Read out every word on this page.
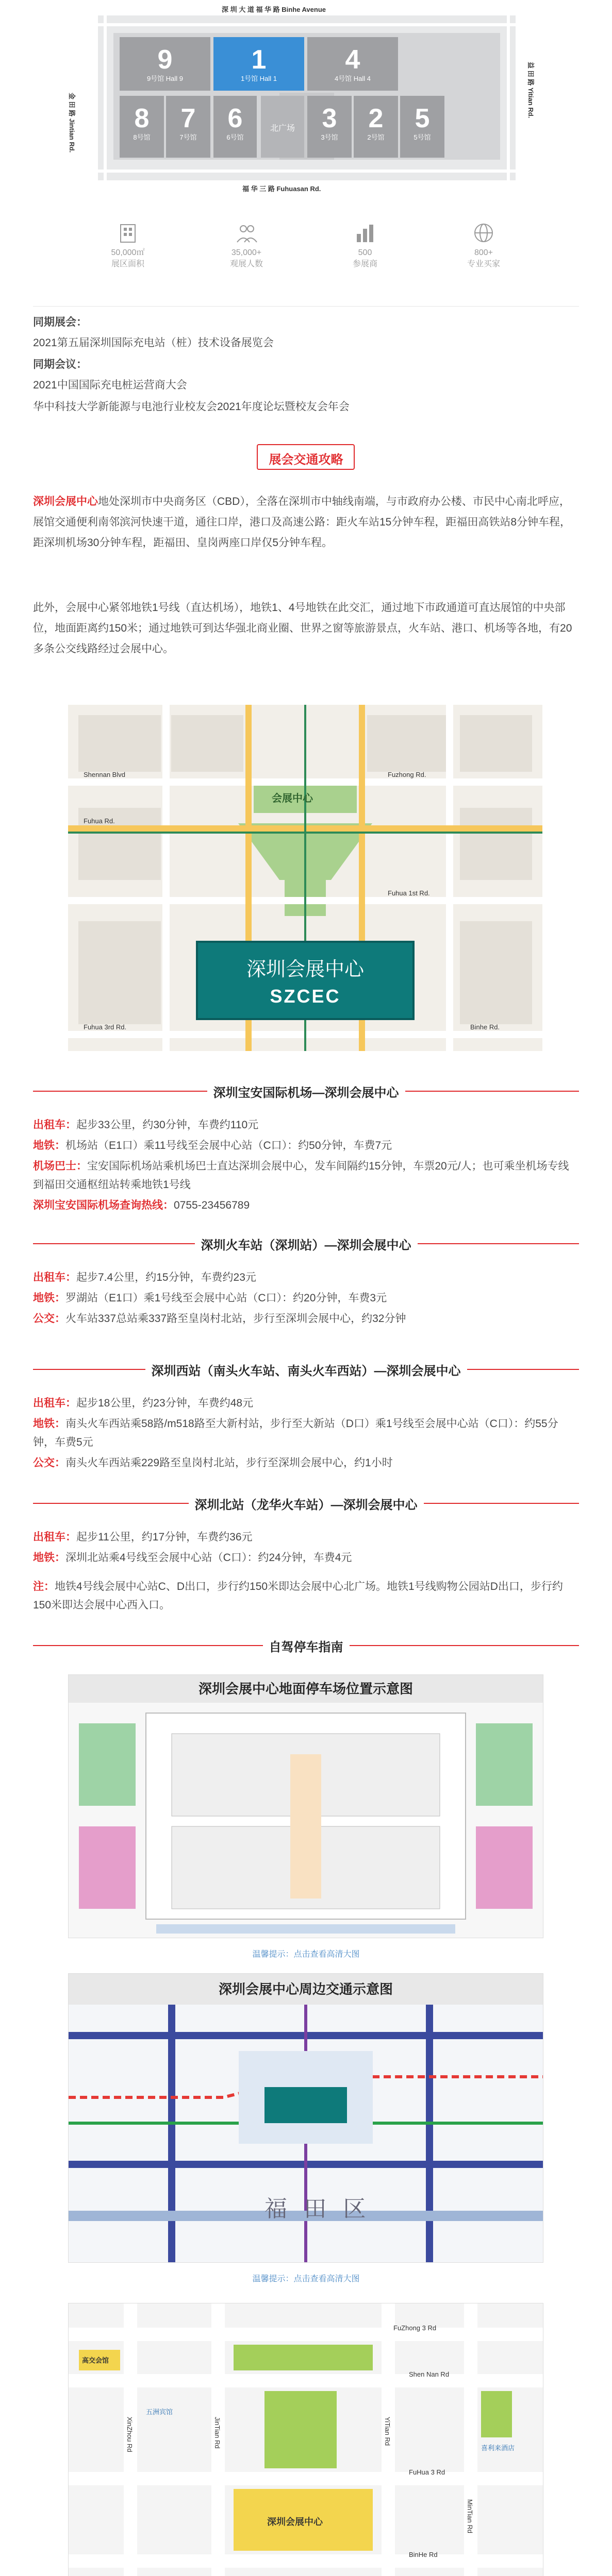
深 圳 大 道 福 华 路 Binhe Avenue
福 华 三 路 Fuhuasan Rd.
金 田 路 Jintian Rd.
益 田 路 Yitian Rd.
9
9号馆 Hall 9
1
1号馆 Hall 1
4
4号馆 Hall 4
8
8号馆
7
7号馆
6
6号馆
北广场	3
3号馆
2
2号馆
5
5号馆
50,000㎡
展区面积
35,000+
观展人数
500
参展商
800+
专业买家
同期展会：
2021第五届深圳国际充电站（桩）技术设备展览会
同期会议：
2021中国国际充电桩运营商大会
华中科技大学新能源与电池行业校友会2021年度论坛暨校友会年会
展会交通攻略
深圳会展中心地处深圳市中央商务区（CBD），全落在深圳市中轴线南端，与市政府办公楼、市民中心南北呼应，展馆交通便利南邻滨河快速干道，通往口岸，港口及高速公路：距火车站15分钟车程，距福田高铁站8分钟车程，距深圳机场30分钟车程，距福田、皇岗两座口岸仅5分钟车程。
此外，会展中心紧邻地铁1号线（直达机场），地铁1、4号地铁在此交汇，通过地下市政通道可直达展馆的中央部位，地面距离约150米；通过地铁可到达华强北商业圈、世界之窗等旅游景点，火车站、港口、机场等各地，有20多条公交线路经过会展中心。
会展中心
深圳会展中心
SZCEC
Fuzhong Rd.
Fuhua Rd.
Fuhua 1st Rd.
Fuhua 3rd Rd.
Shennan Blvd
Binhe Rd.
深圳宝安国际机场—深圳会展中心
出租车：起步33公里，约30分钟，车费约110元
地铁：机场站（E1口）乘11号线至会展中心站（C口）：约50分钟，车费7元
机场巴士：宝安国际机场站乘机场巴士直达深圳会展中心，发车间隔约15分钟，车票20元/人；也可乘坐机场专线到福田交通枢纽站转乘地铁1号线
深圳宝安国际机场查询热线：0755-23456789
深圳火车站（深圳站）—深圳会展中心
出租车：起步7.4公里，约15分钟，车费约23元
地铁：罗湖站（E1口）乘1号线至会展中心站（C口）：约20分钟，车费3元
公交：火车站337总站乘337路至皇岗村北站，步行至深圳会展中心，约32分钟
深圳西站（南头火车站、南头火车西站）—深圳会展中心
出租车：起步18公里，约23分钟，车费约48元
地铁：南头火车西站乘58路/m518路至大新村站，步行至大新站（D口）乘1号线至会展中心站（C口）：约55分钟，车费5元
公交：南头火车西站乘229路至皇岗村北站，步行至深圳会展中心，约1小时
深圳北站（龙华火车站）—深圳会展中心
出租车：起步11公里，约17分钟，车费约36元
地铁：深圳北站乘4号线至会展中心站（C口）：约24分钟，车费4元
注：地铁4号线会展中心站C、D出口，步行约150米即达会展中心北广场。地铁1号线购物公园站D出口，步行约150米即达会展中心西入口。
自驾停车指南
深圳会展中心地面停车场位置示意图
温馨提示：点击查看高清大图
深圳会展中心周边交通示意图
福 田 区
温馨提示：点击查看高清大图
FuZhong 3 Rd
Shen Nan Rd
FuHua 3 Rd
BinHe Rd
XinZhou Rd	JinTian Rd	YiTian Rd
MinTian Rd
高交会馆
深圳会展中心
五洲宾馆
喜利来酒店
